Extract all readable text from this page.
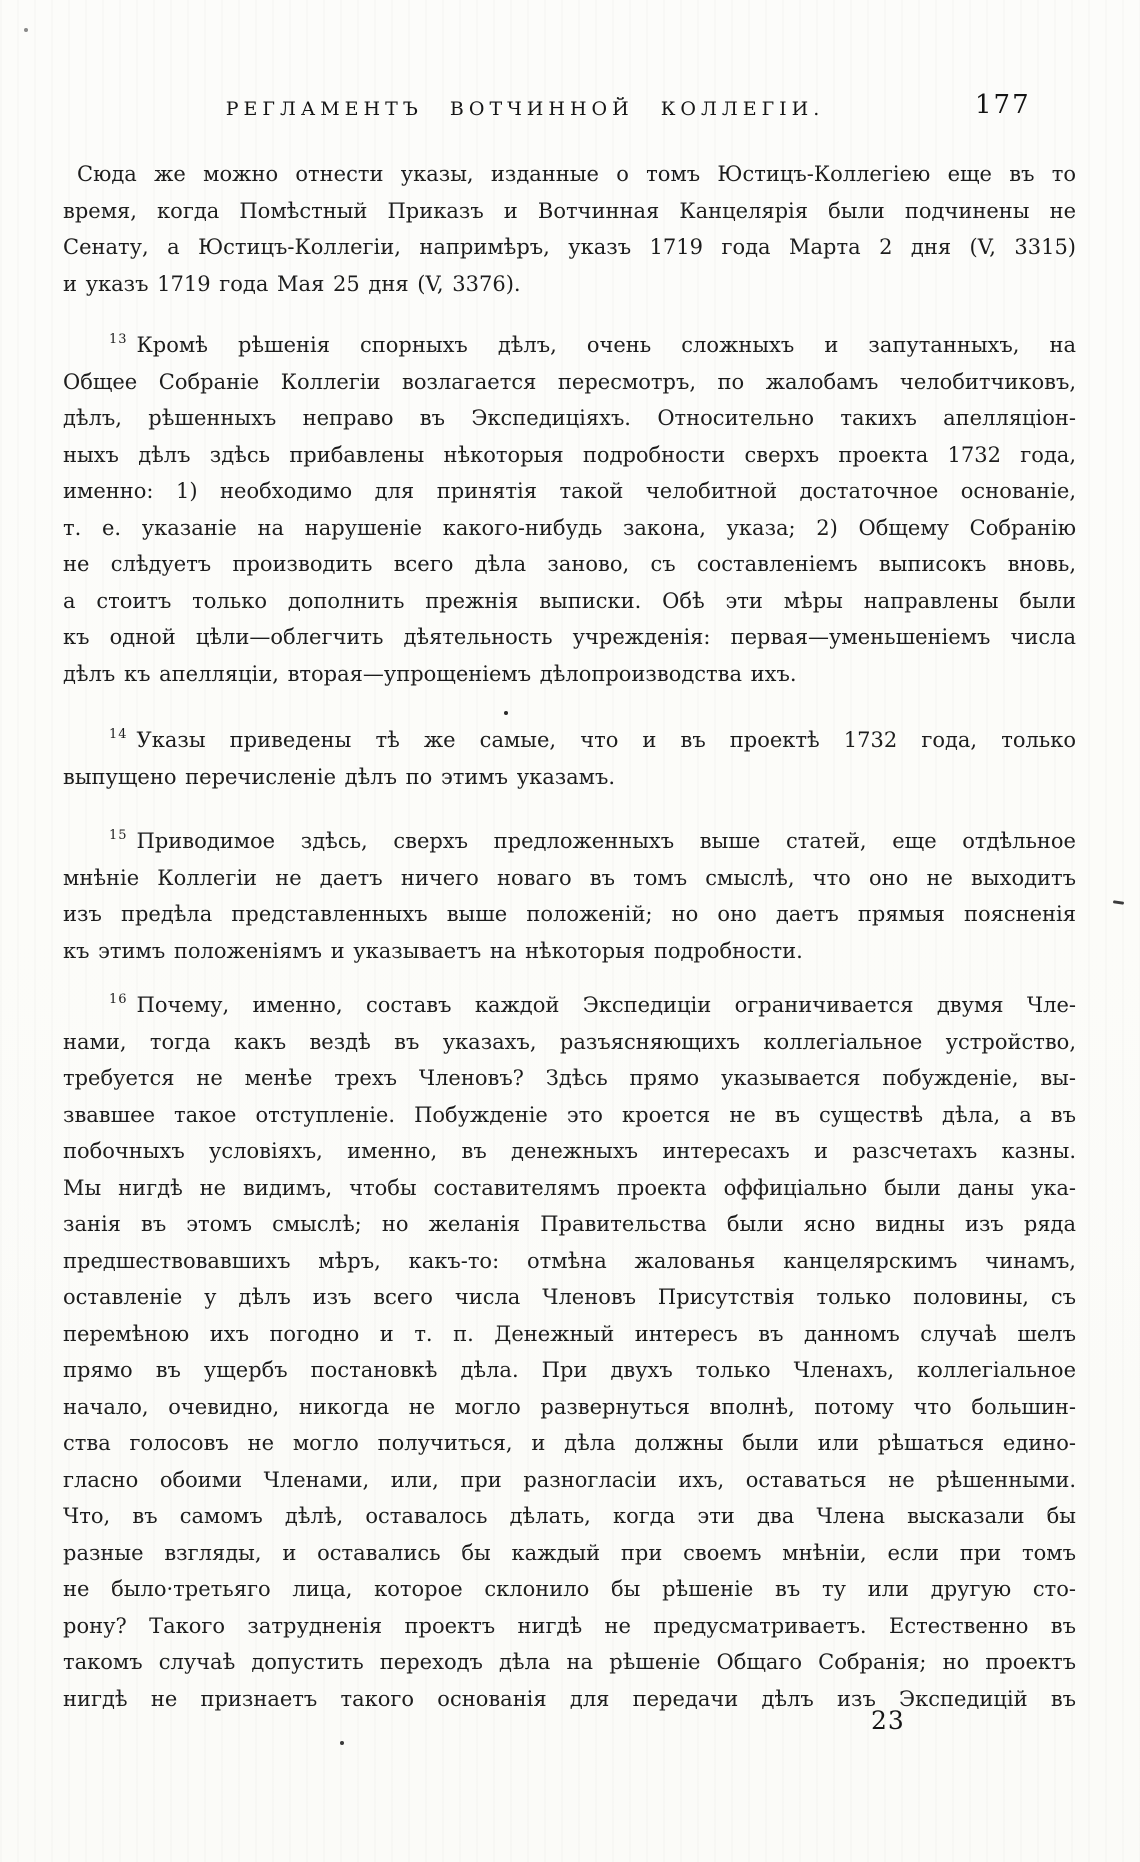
РЕГЛАМЕНТЪ ВОТЧИННОЙ КОЛЛЕГІИ.	177
Сюда же можно отнести указы, изданные о томъ Юстицъ-Коллегіею еще въ то
время, когда Помѣстный Приказъ и Вотчинная Канцелярія были подчинены не
Сенату, а Юстицъ-Коллегіи, напримѣръ, указъ 1719 года Марта 2 дня (V, 3315)
и указъ 1719 года Мая 25 дня (V, 3376).
$^{13}$ Кромѣ рѣшенія спорныхъ дѣлъ, очень сложныхъ и запутанныхъ, на
Общее Собраніе Коллегіи возлагается пересмотръ, по жалобамъ челобитчиковъ,
дѣлъ, рѣшенныхъ неправо въ Экспедиціяхъ. Относительно такихъ апелляціон-
ныхъ дѣлъ здѣсь прибавлены нѣкоторыя подробности сверхъ проекта 1732 года,
именно: 1) необходимо для принятія такой челобитной достаточное основаніе,
т. е. указаніе на нарушеніе какого-нибудь закона, указа; 2) Общему Собранію
не слѣдуетъ производить всего дѣла заново, съ составленіемъ выписокъ вновь,
а стоитъ только дополнить прежнія выписки. Обѣ эти мѣры направлены были
къ одной цѣли—облегчить дѣятельность учрежденія: первая—уменьшеніемъ числа
дѣлъ къ апелляціи, вторая—упрощеніемъ дѣлопроизводства ихъ.
$^{14}$ Указы приведены тѣ же самые, что и въ проектѣ 1732 года, только
выпущено перечисленіе дѣлъ по этимъ указамъ.
$^{15}$ Приводимое здѣсь, сверхъ предложенныхъ выше статей, еще отдѣльное
мнѣніе Коллегіи не даетъ ничего новаго въ томъ смыслѣ, что оно не выходитъ
изъ предѣла представленныхъ выше положеній; но оно даетъ прямыя поясненія
къ этимъ положеніямъ и указываетъ на нѣкоторыя подробности.
$^{16}$ Почему, именно, составъ каждой Экспедиціи ограничивается двумя Чле-
нами, тогда какъ вездѣ въ указахъ, разъясняющихъ коллегіальное устройство,
требуется не менѣе трехъ Членовъ? Здѣсь прямо указывается побужденіе, вы-
звавшее такое отступленіе. Побужденіе это кроется не въ существѣ дѣла, а въ
побочныхъ условіяхъ, именно, въ денежныхъ интересахъ и разсчетахъ казны.
Мы нигдѣ не видимъ, чтобы составителямъ проекта оффиціально были даны ука-
занія въ этомъ смыслѣ; но желанія Правительства были ясно видны изъ ряда
предшествовавшихъ мѣръ, какъ-то: отмѣна жалованья канцелярскимъ чинамъ,
оставленіе у дѣлъ изъ всего числа Членовъ Присутствія только половины, съ
перемѣною ихъ погодно и т. п. Денежный интересъ въ данномъ случаѣ шелъ
прямо въ ущербъ постановкѣ дѣла. При двухъ только Членахъ, коллегіальное
начало, очевидно, никогда не могло развернуться вполнѣ, потому что большин-
ства голосовъ не могло получиться, и дѣла должны были или рѣшаться едино-
гласно обоими Членами, или, при разногласіи ихъ, оставаться не рѣшенными.
Что, въ самомъ дѣлѣ, оставалось дѣлать, когда эти два Члена высказали бы
разные взгляды, и оставались бы каждый при своемъ мнѣніи, если при томъ
не было·третьяго лица, которое склонило бы рѣшеніе въ ту или другую сто-
рону? Такого затрудненія проектъ нигдѣ не предусматриваетъ. Естественно въ
такомъ случаѣ допустить переходъ дѣла на рѣшеніе Общаго Собранія; но проектъ
нигдѣ не признаетъ такого основанія для передачи дѣлъ изъ Экспедицій въ
23
